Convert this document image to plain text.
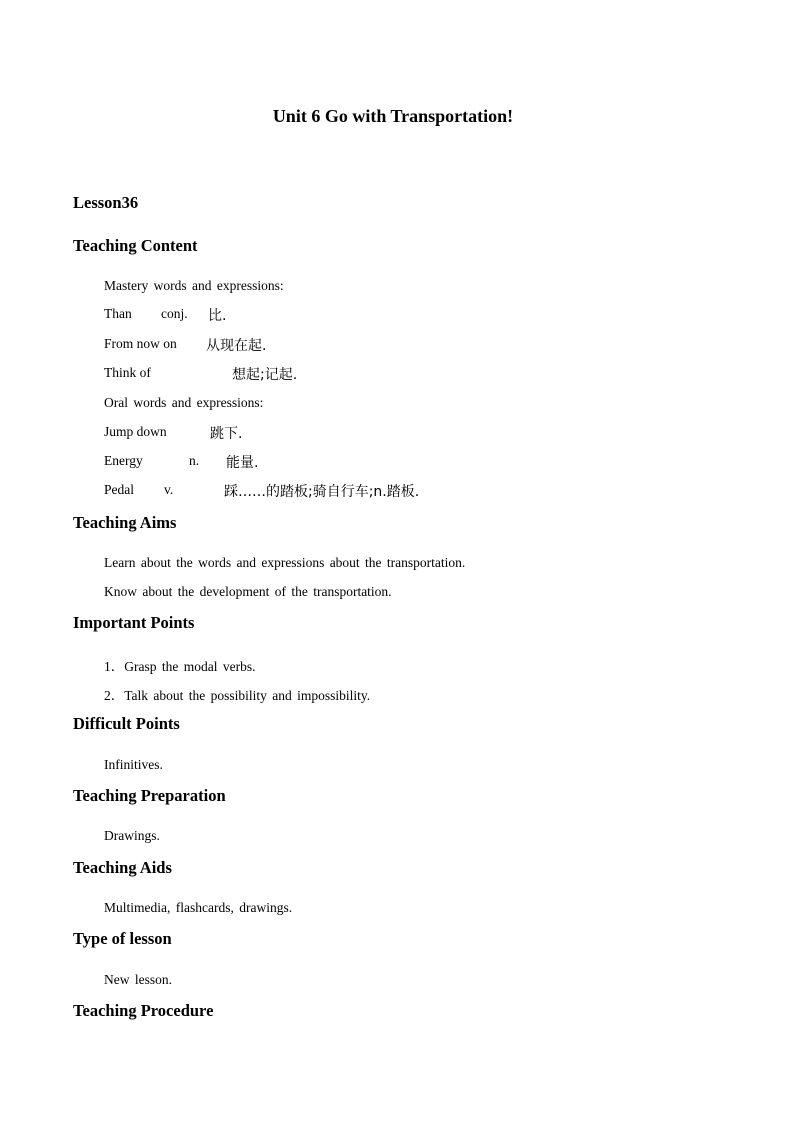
Unit 6 Go with Transportation!
Lesson36
Teaching Content
Mastery words and expressions:
Than conj. 比.
From now on 从现在起.
Think of	想起;记起.
Oral words and expressions:
Jump down	跳下.
Energy	n. 能量.
Pedal v.	踩……的踏板;骑自行车;n.踏板.
Teaching Aims
Learn about the words and expressions about the transportation.
Know about the development of the transportation.
Important Points
1．Grasp the modal verbs.
2．Talk about the possibility and impossibility.
Difficult Points
Infinitives.
Teaching Preparation
Drawings.
Teaching Aids
Multimedia, flashcards, drawings.
Type of lesson
New lesson.
Teaching Procedure
